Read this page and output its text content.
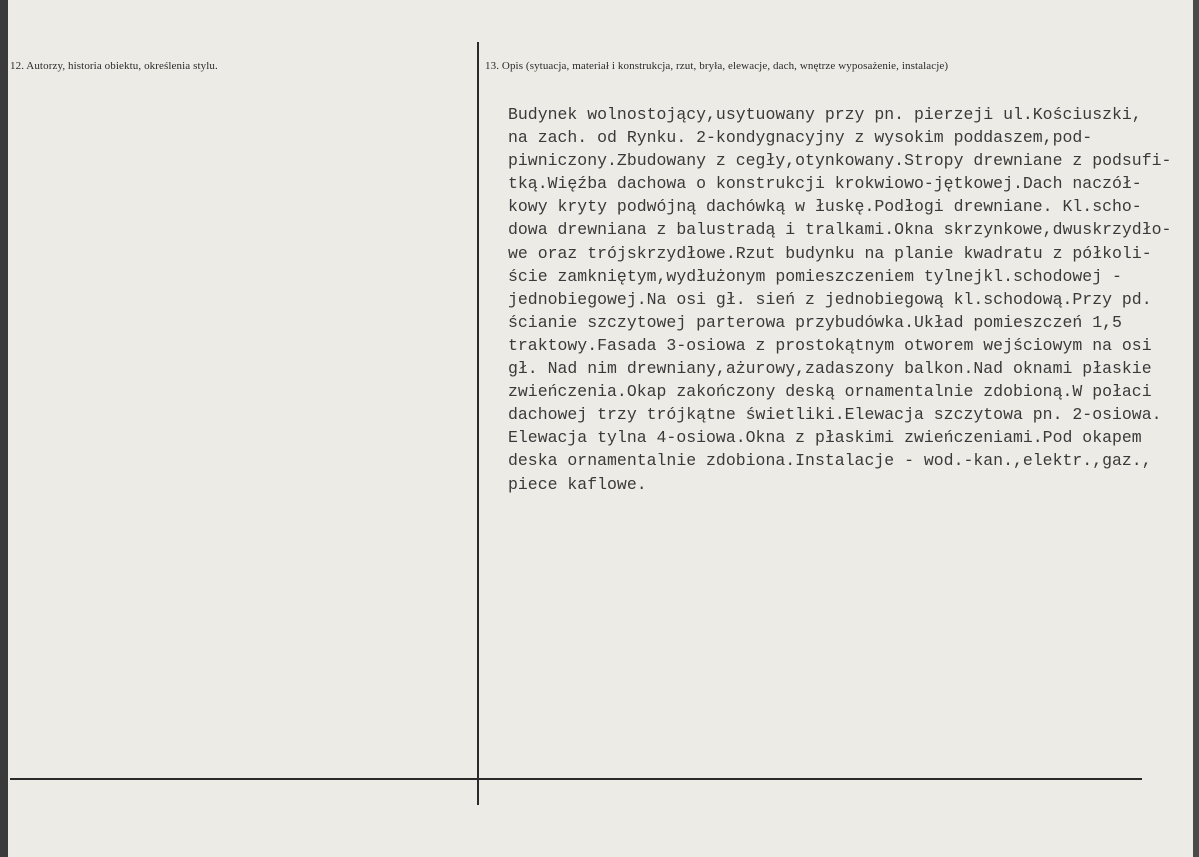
12. Autorzy, historia obiektu, określenia stylu.	13. Opis (sytuacja, materiał i konstrukcja, rzut, bryła, elewacje, dach, wnętrze wyposażenie, instalacje)
Budynek wolnostojący,usytuowany przy pn. pierzeji ul.Kościuszki,
na zach. od Rynku. 2-kondygnacyjny z wysokim poddaszem,pod-
piwniczony.Zbudowany z cegły,otynkowany.Stropy drewniane z podsufi-
tką.Więźba dachowa o konstrukcji krokwiowo-jętkowej.Dach naczół-
kowy kryty podwójną dachówką w łuskę.Podłogi drewniane. Kl.scho-
dowa drewniana z balustradą i tralkami.Okna skrzynkowe,dwuskrzydło-
we oraz trójskrzydłowe.Rzut budynku na planie kwadratu z półkoli-
ście zamkniętym,wydłużonym pomieszczeniem tylnejkl.schodowej -
jednobiegowej.Na osi gł. sień z jednobiegową kl.schodową.Przy pd.
ścianie szczytowej parterowa przybudówka.Układ pomieszczeń 1,5
traktowy.Fasada 3-osiowa z prostokątnym otworem wejściowym na osi
gł. Nad nim drewniany,ażurowy,zadaszony balkon.Nad oknami płaskie
zwieńczenia.Okap zakończony deską ornamentalnie zdobioną.W połaci
dachowej trzy trójkątne świetliki.Elewacja szczytowa pn. 2-osiowa.
Elewacja tylna 4-osiowa.Okna z płaskimi zwieńczeniami.Pod okapem
deska ornamentalnie zdobiona.Instalacje - wod.-kan.,elektr.,gaz.,
piece kaflowe.
